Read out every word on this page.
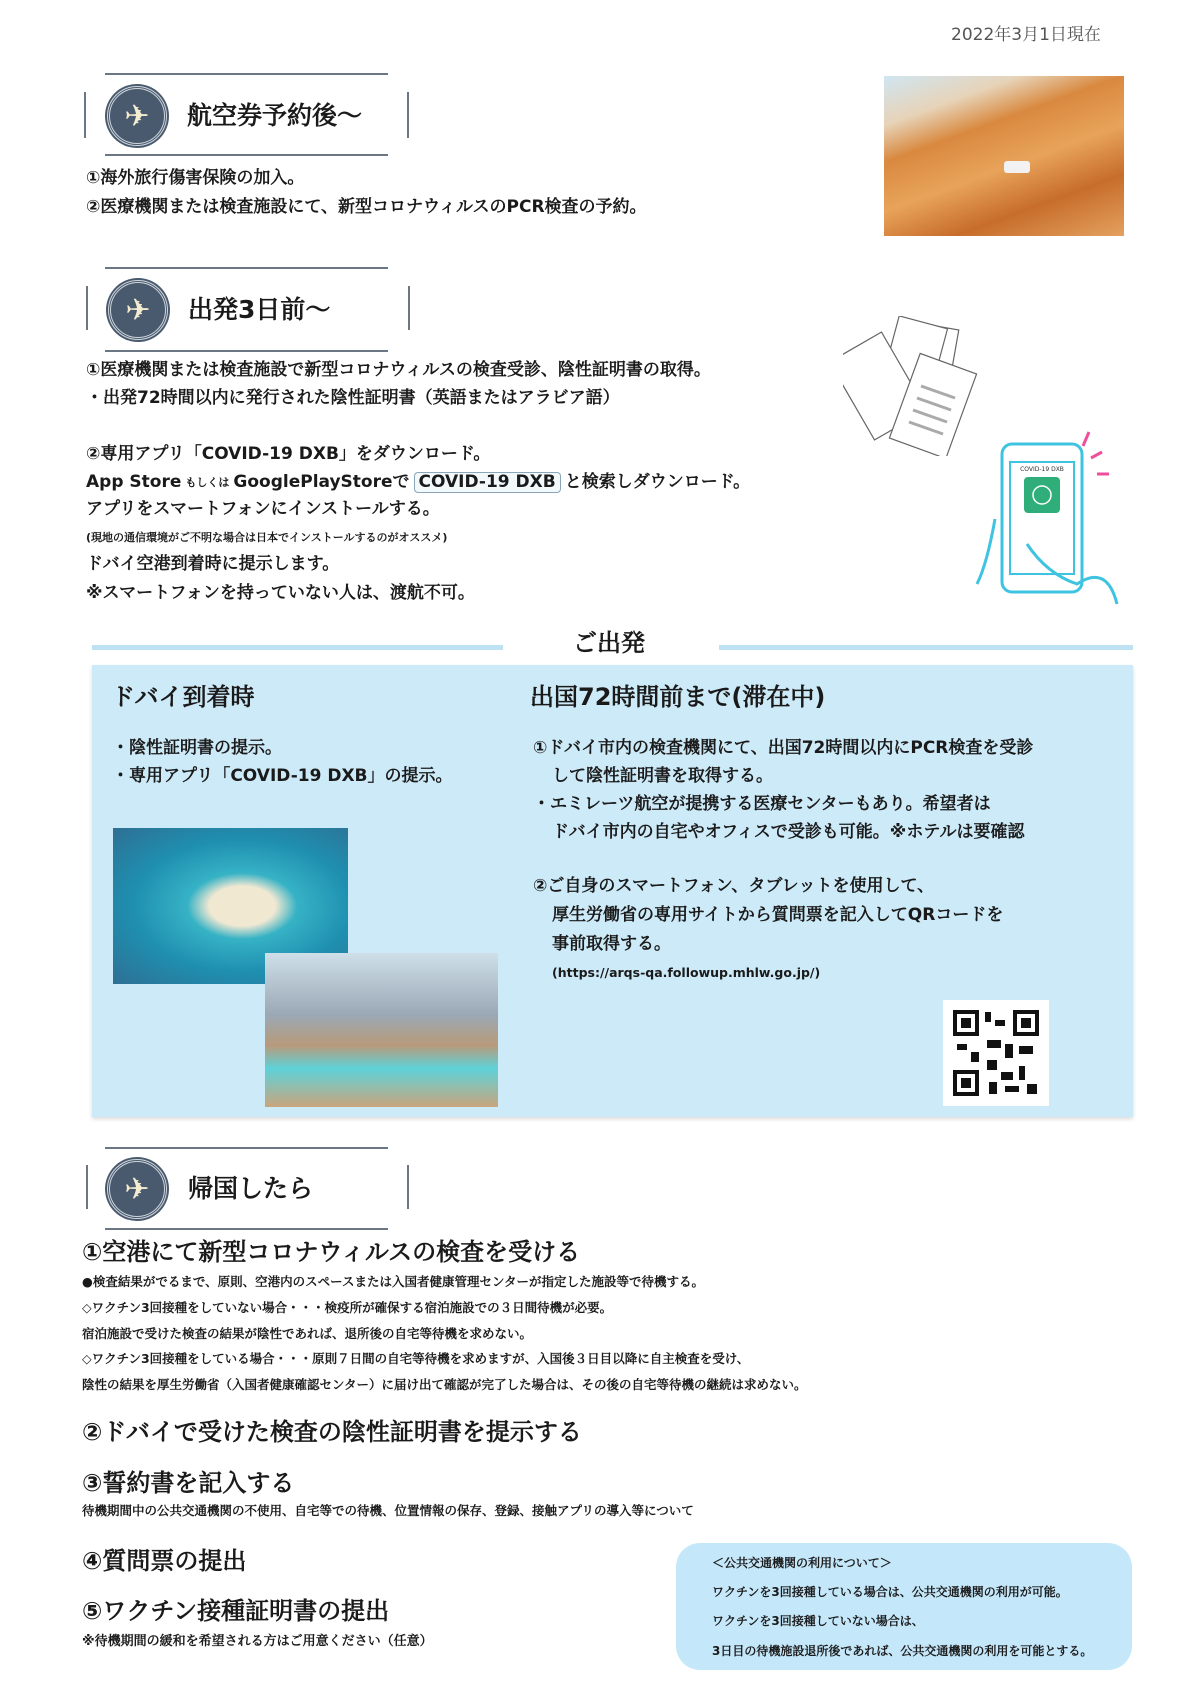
2022年3月1日現在
✈	航空券予約後～
①海外旅行傷害保険の加入。
②医療機関または検査施設にて、新型コロナウィルスのPCR検査の予約。
✈	出発3日前～
①医療機関または検査施設で新型コロナウィルスの検査受診、陰性証明書の取得。
・出発72時間以内に発行された陰性証明書（英語またはアラビア語）
②専用アプリ「COVID-19 DXB」をダウンロード。
App Store もしくは GooglePlayStoreで COVID-19 DXB と検索しダウンロード。
アプリをスマートフォンにインストールする。
(現地の通信環境がご不明な場合は日本でインストールするのがオススメ)
ドバイ空港到着時に提示します。
※スマートフォンを持っていない人は、渡航不可。
COVID-19 DXB
ご出発
ドバイ到着時
・陰性証明書の提示。
・専用アプリ「COVID-19 DXB」の提示。
出国72時間前まで(滞在中)
①ドバイ市内の検査機関にて、出国72時間以内にPCR検査を受診
して陰性証明書を取得する。
・エミレーツ航空が提携する医療センターもあり。希望者は
ドバイ市内の自宅やオフィスで受診も可能。※ホテルは要確認
②ご自身のスマートフォン、タブレットを使用して、
厚生労働省の専用サイトから質問票を記入してQRコードを
事前取得する。
(https://arqs-qa.followup.mhlw.go.jp/)
✈	帰国したら
①空港にて新型コロナウィルスの検査を受ける
●検査結果がでるまで、原則、空港内のスペースまたは入国者健康管理センターが指定した施設等で待機する。
◇ワクチン3回接種をしていない場合・・・検疫所が確保する宿泊施設での３日間待機が必要。
宿泊施設で受けた検査の結果が陰性であれば、退所後の自宅等待機を求めない。
◇ワクチン3回接種をしている場合・・・原則７日間の自宅等待機を求めますが、入国後３日目以降に自主検査を受け、
陰性の結果を厚生労働省（入国者健康確認センター）に届け出て確認が完了した場合は、その後の自宅等待機の継続は求めない。
②ドバイで受けた検査の陰性証明書を提示する
③誓約書を記入する
待機期間中の公共交通機関の不使用、自宅等での待機、位置情報の保存、登録、接触アプリの導入等について
④質問票の提出
⑤ワクチン接種証明書の提出
※待機期間の緩和を希望される方はご用意ください（任意）
＜公共交通機関の利用について＞
ワクチンを3回接種している場合は、公共交通機関の利用が可能。
ワクチンを3回接種していない場合は、
3日目の待機施設退所後であれば、公共交通機関の利用を可能とする。
